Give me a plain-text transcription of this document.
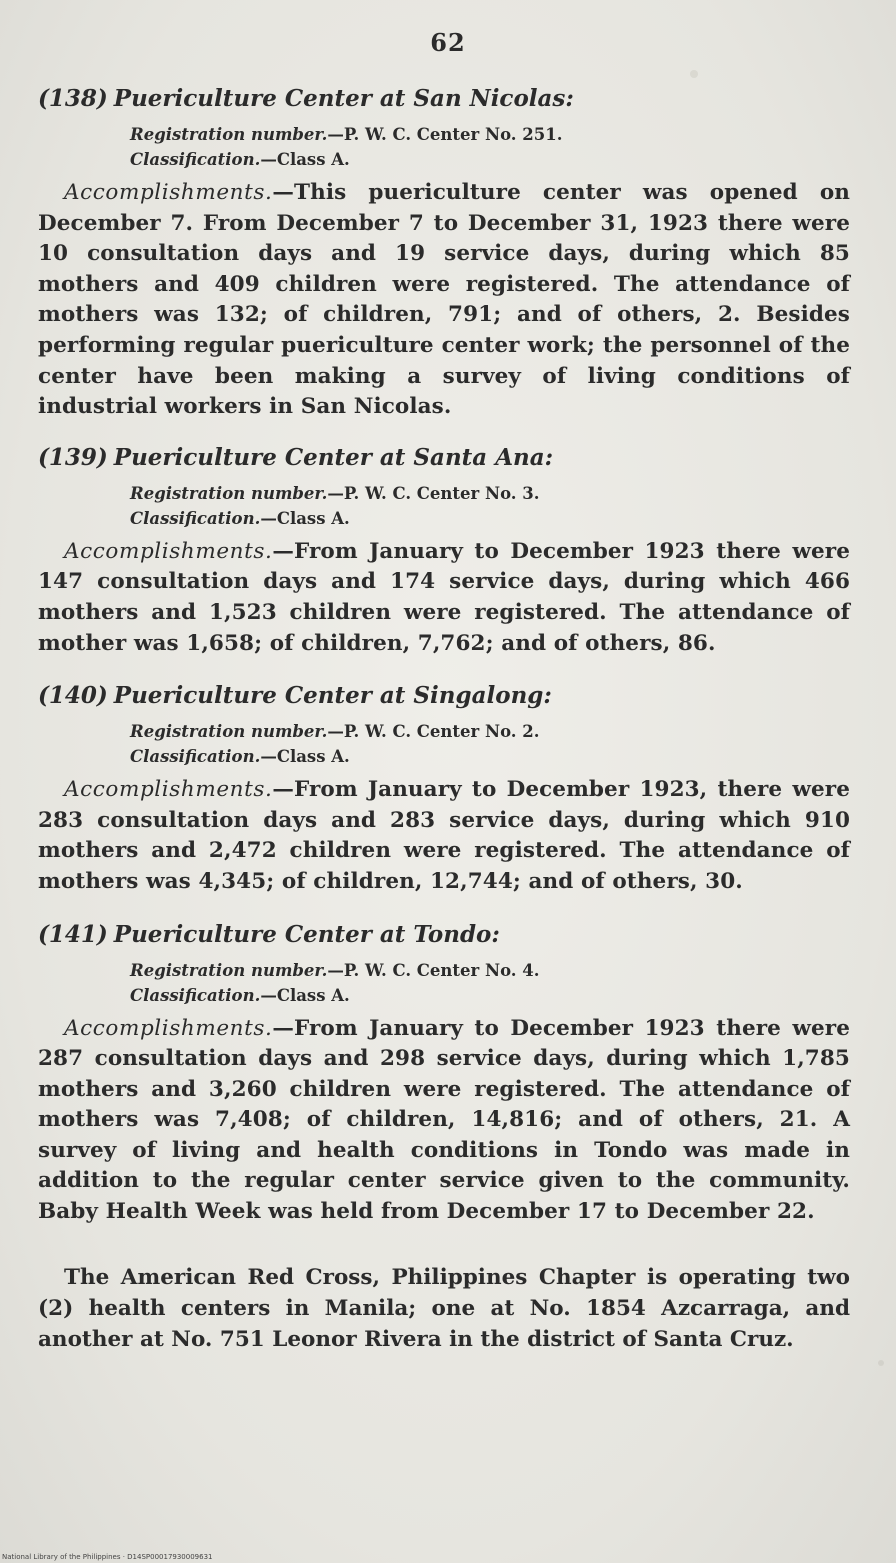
62
(138) Puericulture Center at San Nicolas:
Registration number.—P. W. C. Center No. 251.
Classification.—Class A.

Accomplishments.—This puericulture center was opened on December 7. From December 7 to December 31, 1923 there were 10 consultation days and 19 service days, during which 85 mothers and 409 children were registered. The attendance of mothers was 132; of children, 791; and of others, 2. Besides performing regular puericulture center work; the personnel of the center have been making a survey of living conditions of industrial workers in San Nicolas.

(139) Puericulture Center at Santa Ana:
Registration number.—P. W. C. Center No. 3.
Classification.—Class A.

Accomplishments.—From January to December 1923 there were 147 consultation days and 174 service days, during which 466 mothers and 1,523 children were registered. The attendance of mother was 1,658; of children, 7,762; and of others, 86.

(140) Puericulture Center at Singalong:
Registration number.—P. W. C. Center No. 2.
Classification.—Class A.

Accomplishments.—From January to December 1923, there were 283 consultation days and 283 service days, during which 910 mothers and 2,472 children were registered. The attendance of mothers was 4,345; of children, 12,744; and of others, 30.

(141) Puericulture Center at Tondo:
Registration number.—P. W. C. Center No. 4.
Classification.—Class A.

Accomplishments.—From January to December 1923 there were 287 consultation days and 298 service days, during which 1,785 mothers and 3,260 children were registered. The attendance of mothers was 7,408; of children, 14,816; and of others, 21. A survey of living and health conditions in Tondo was made in addition to the regular center service given to the community. Baby Health Week was held from December 17 to December 22.

The American Red Cross, Philippines Chapter is operating two (2) health centers in Manila; one at No. 1854 Azcarraga, and another at No. 751 Leonor Rivera in the district of Santa Cruz.

National Library of the Philippines · D14SP00017930009631
